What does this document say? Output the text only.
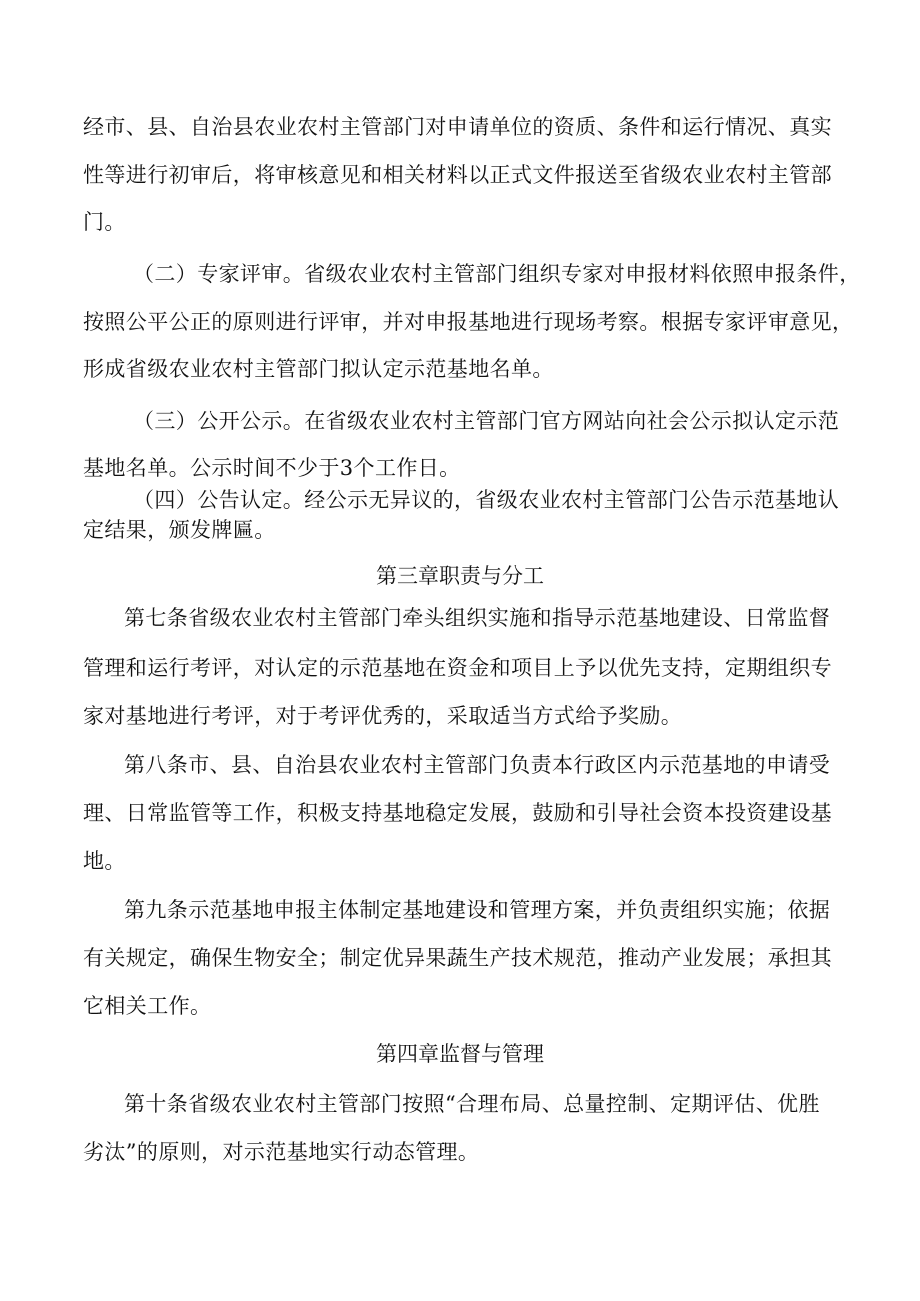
经市、县、自治县农业农村主管部门对申请单位的资质、条件和运行情况、真实
性等进行初审后，将审核意见和相关材料以正式文件报送至省级农业农村主管部
门。
（二）专家评审。省级农业农村主管部门组织专家对申报材料依照申报条件，
按照公平公正的原则进行评审，并对申报基地进行现场考察。根据专家评审意见，
形成省级农业农村主管部门拟认定示范基地名单。
（三）公开公示。在省级农业农村主管部门官方网站向社会公示拟认定示范
基地名单。公示时间不少于3个工作日。
（四）公告认定。经公示无异议的，省级农业农村主管部门公告示范基地认
定结果，颁发牌匾。
第三章职责与分工
第七条省级农业农村主管部门牵头组织实施和指导示范基地建设、日常监督
管理和运行考评，对认定的示范基地在资金和项目上予以优先支持，定期组织专
家对基地进行考评，对于考评优秀的，采取适当方式给予奖励。
第八条市、县、自治县农业农村主管部门负责本行政区内示范基地的申请受
理、日常监管等工作，积极支持基地稳定发展，鼓励和引导社会资本投资建设基
地。
第九条示范基地申报主体制定基地建设和管理方案，并负责组织实施；依据
有关规定，确保生物安全；制定优异果蔬生产技术规范，推动产业发展；承担其
它相关工作。
第四章监督与管理
第十条省级农业农村主管部门按照“合理布局、总量控制、定期评估、优胜
劣汰”的原则，对示范基地实行动态管理。
